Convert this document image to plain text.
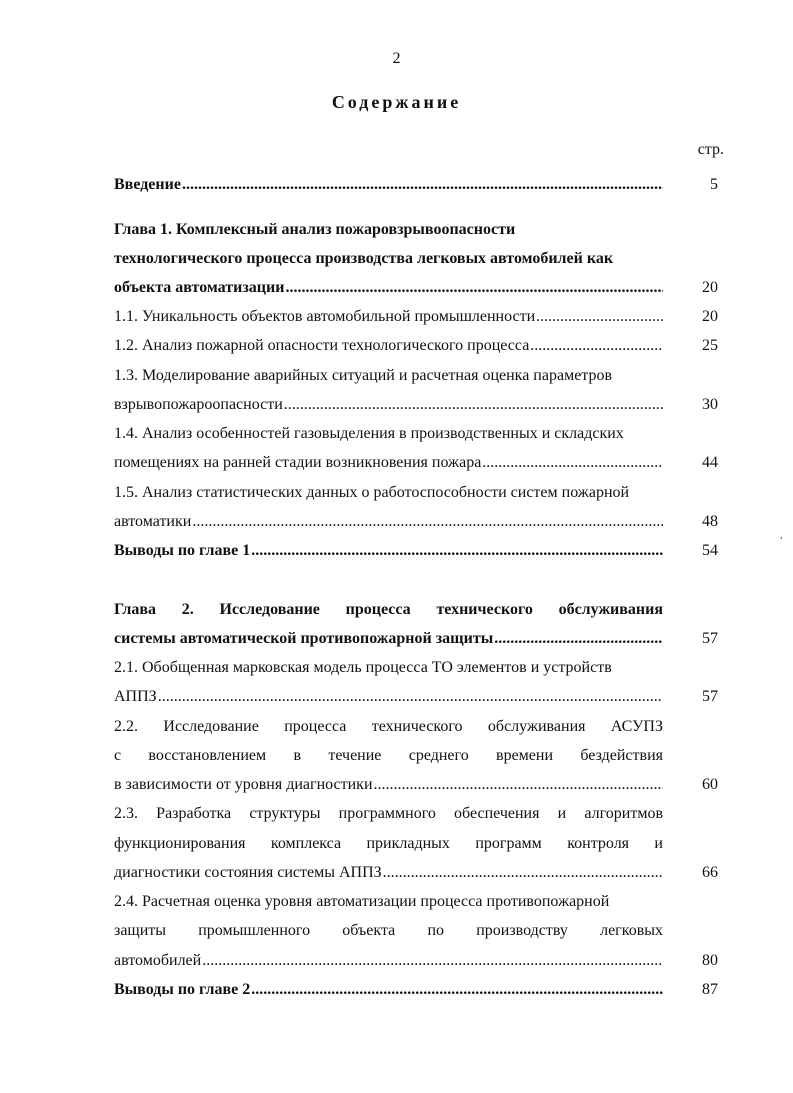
2
Содержание
стр.
Введение .....	5
Глава 1. Комплексный анализ пожаровзрывоопасности
технологического процесса производства легковых автомобилей как
объекта автоматизации .....	20
1.1. Уникальность объектов автомобильной промышленности .....	20
1.2. Анализ пожарной опасности технологического процесса .....	25
1.3. Моделирование аварийных ситуаций и расчетная оценка параметров
взрывопожароопасности .....	30
1.4. Анализ особенностей газовыделения в производственных и складских
помещениях на ранней стадии возникновения пожара .....	44
1.5. Анализ статистических данных о работоспособности систем пожарной
автоматики .....	48
Выводы по главе 1 .....	54
,
Глава 2. Исследование процесса технического обслуживания
системы автоматической противопожарной защиты .....	57
2.1. Обобщенная марковская модель процесса ТО элементов и устройств
АППЗ .....	57
2.2. Исследование процесса технического обслуживания АСУПЗ
с восстановлением в течение среднего времени бездействия
в зависимости от уровня диагностики .....	60
2.3. Разработка структуры программного обеспечения и алгоритмов
функционирования комплекса прикладных программ контроля и
диагностики состояния системы АППЗ .....	66
2.4. Расчетная оценка уровня автоматизации процесса противопожарной
защиты промышленного объекта по производству легковых
автомобилей .....	80
Выводы по главе 2 .....	87
